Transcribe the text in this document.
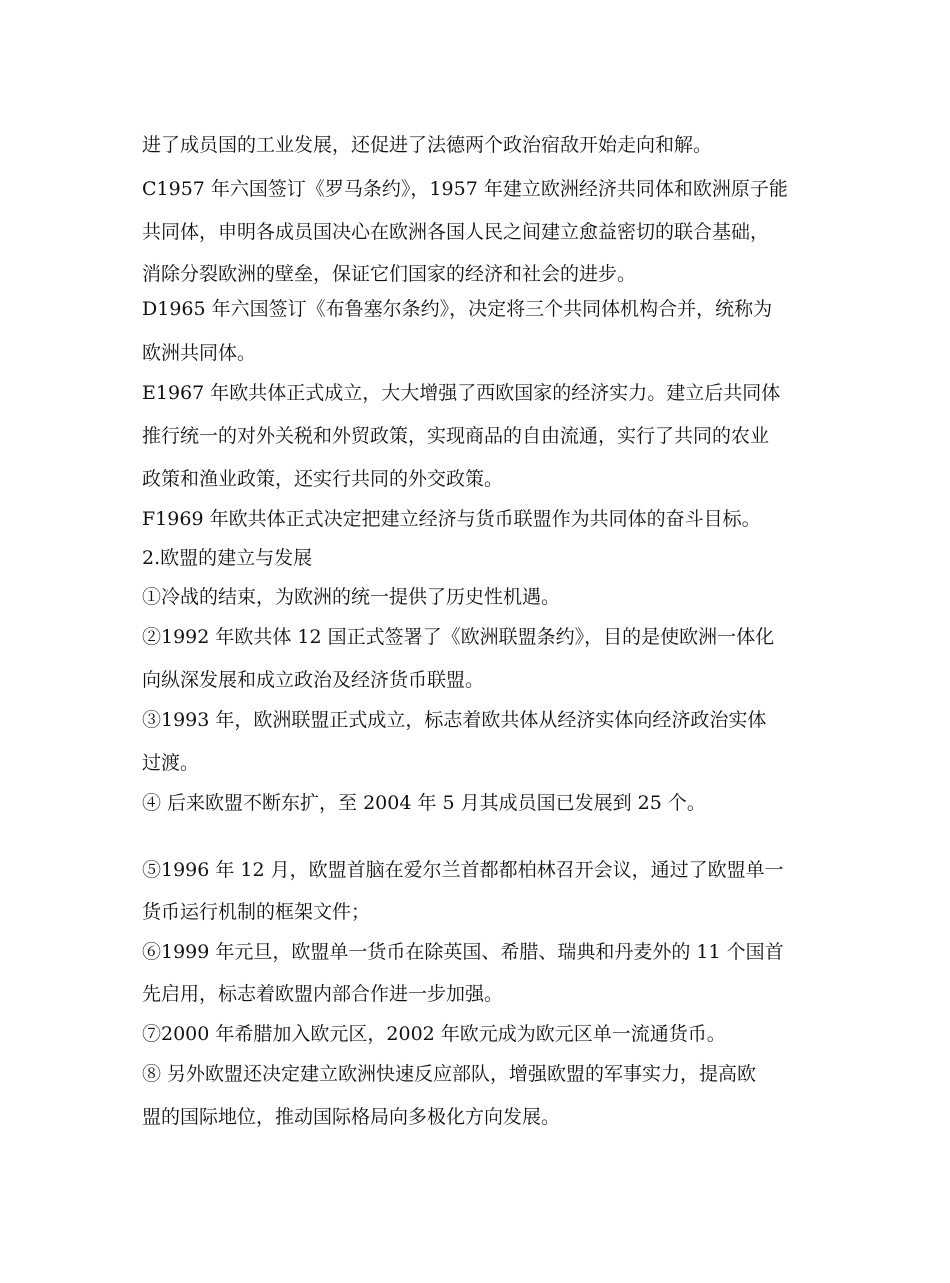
进了成员国的工业发展，还促进了法德两个政治宿敌开始走向和解。
C1957 年六国签订《罗马条约》，1957 年建立欧洲经济共同体和欧洲原子能
共同体，申明各成员国决心在欧洲各国人民之间建立愈益密切的联合基础，
消除分裂欧洲的壁垒，保证它们国家的经济和社会的进步。
D1965 年六国签订《布鲁塞尔条约》，决定将三个共同体机构合并，统称为
欧洲共同体。
E1967 年欧共体正式成立，大大增强了西欧国家的经济实力。建立后共同体
推行统一的对外关税和外贸政策，实现商品的自由流通，实行了共同的农业
政策和渔业政策，还实行共同的外交政策。
F1969 年欧共体正式决定把建立经济与货币联盟作为共同体的奋斗目标。
2.欧盟的建立与发展
①冷战的结束，为欧洲的统一提供了历史性机遇。
②1992 年欧共体 12 国正式签署了《欧洲联盟条约》，目的是使欧洲一体化
向纵深发展和成立政治及经济货币联盟。
③1993 年，欧洲联盟正式成立，标志着欧共体从经济实体向经济政治实体
过渡。
④ 后来欧盟不断东扩，至 2004 年 5 月其成员国已发展到 25 个。
⑤1996 年 12 月，欧盟首脑在爱尔兰首都都柏林召开会议，通过了欧盟单一
货币运行机制的框架文件；
⑥1999 年元旦，欧盟单一货币在除英国、希腊、瑞典和丹麦外的 11 个国首
先启用，标志着欧盟内部合作进一步加强。
⑦2000 年希腊加入欧元区，2002 年欧元成为欧元区单一流通货币。
⑧ 另外欧盟还决定建立欧洲快速反应部队，增强欧盟的军事实力，提高欧
盟的国际地位，推动国际格局向多极化方向发展。
